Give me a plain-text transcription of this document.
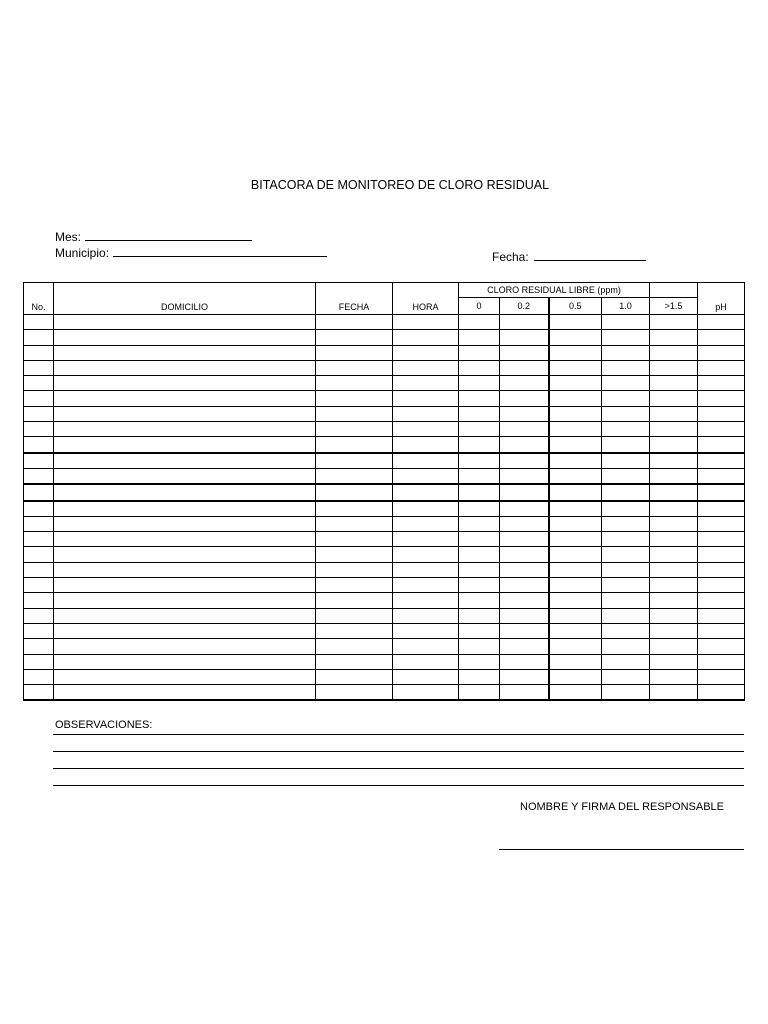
BITACORA DE MONITOREO DE CLORO RESIDUAL
Mes:
Municipio:	Fecha:
No.	DOMICILIO	FECHA	HORA	CLORO RESIDUAL LIBRE (ppm)					pH
				0	0.2	0.5	1.0	>1.5	

OBSERVACIONES:
NOMBRE Y FIRMA DEL RESPONSABLE
